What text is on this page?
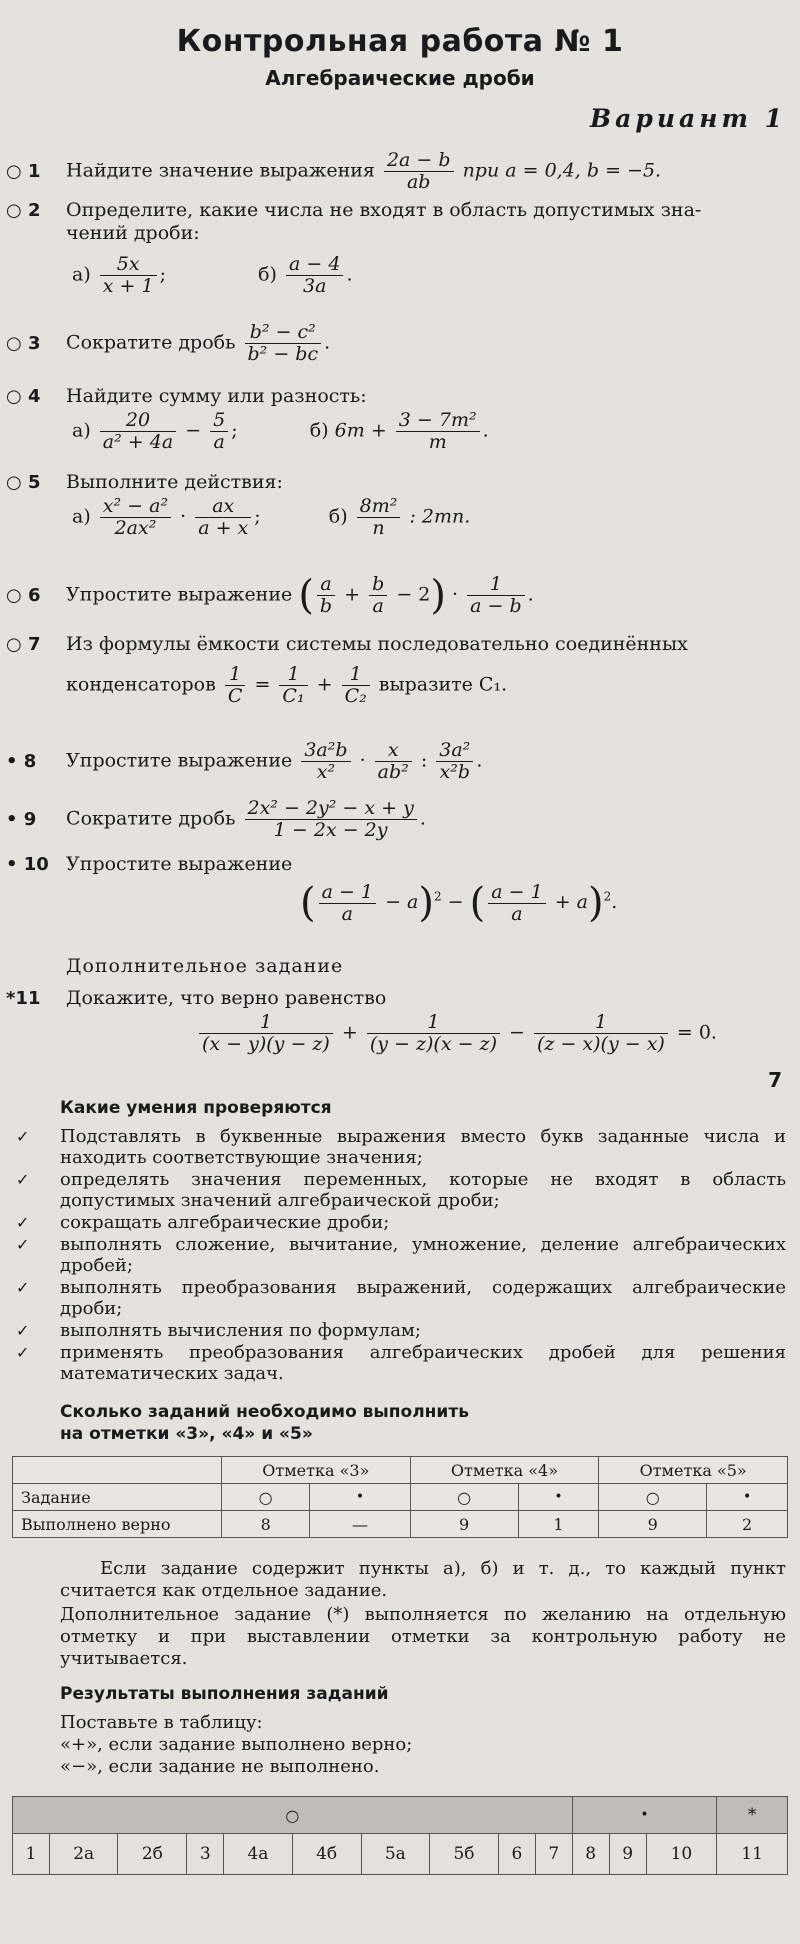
Контрольная работа № 1
Алгебраические дроби
Вариант 1
○ 1 Найдите значение выражения $\frac{2a - b}{ab}$ при a = 0,4, b = −5.
○ 2 Определите, какие числа не входят в область допустимых зна-
чений дроби:
$а) \frac{5x}{x + 1}$ ;	$б) \frac{a - 4}{3a}$ .
○ 3 Сократите дробь $\frac{\text{b² − c²}}{\text{b² − bc}}$ .
○ 4 Найдите сумму или разность:
$а) \frac{20}{\text{a² + 4a}} - \frac{5}{a}$ ;	б) $6m + \frac{\text{3 − 7m²}}{m}$ .
○ 5 Выполните действия:
$а) \frac{\text{x² − a²}}{\text{2ax²}} \cdot \frac{ax}{a + x}$ ;	$б) \frac{\text{8m²}}{n}$ : 2mn.
○ 6 Упростите выражение ( $\frac{a}{b} + \frac{b}{a} - 2) \cdot \frac{1}{a - b}$ .
○ 7 Из формулы ёмкости системы последовательно соединённых
конденсаторов $\frac{1}{C} = \frac{1}{\text{C₁}} + \frac{1}{\text{C₂}}$ выразите C₁.
• 8 Упростите выражение $\frac{\text{3a²b}}{\text{x²}} \cdot \frac{x}{\text{ab²}}$ : $\frac{\text{3a²}}{\text{x²b}}$ .
• 9 Сократите дробь $\frac{\text{2x² − 2y² − x + y}}{1 - 2x - 2y}$ .
• 10 Упростите выражение
( $\frac{a - 1}{a} - a)^2$ − ( $\frac{a - 1}{a} + a)^2$.
Дополнительное задание
*11 Докажите, что верно равенство
$\frac{1}{(x - y)(y - z)} + \frac{1}{(y - z)(x - z)} - \frac{1}{(z - x)(y - x)} = 0$.
7
Какие умения проверяются
✓ Подставлять в буквенные выражения вместо букв заданные числа и находить соответствующие значения;
✓ определять значения переменных, которые не входят в область допустимых значений алгебраической дроби;
✓ сокращать алгебраические дроби;
✓ выполнять сложение, вычитание, умножение, деление алгебраических дробей;
✓ выполнять преобразования выражений, содержащих алгебраические дроби;
✓ выполнять вычисления по формулам;
✓ применять преобразования алгебраических дробей для решения математических задач.
Сколько заданий необходимо выполнить
на отметки «3», «4» и «5»
	Отметка «3»		Отметка «4»		Отметка «5»	
Задание	○	•	○	•	○	•
Выполнено верно	8	—	9	1	9	2
Если задание содержит пункты а), б) и т. д., то каждый пункт считается как отдельное задание.
Дополнительное задание (*) выполняется по желанию на отдельную отметку и при выставлении отметки за контрольную работу не учитывается.
Результаты выполнения заданий
Поставьте в таблицу:
«+», если задание выполнено верно;
«−», если задание не выполнено.
○										•			*
1	2а	2б	3	4а	4б	5а	5б	6	7	8	9	10	11
